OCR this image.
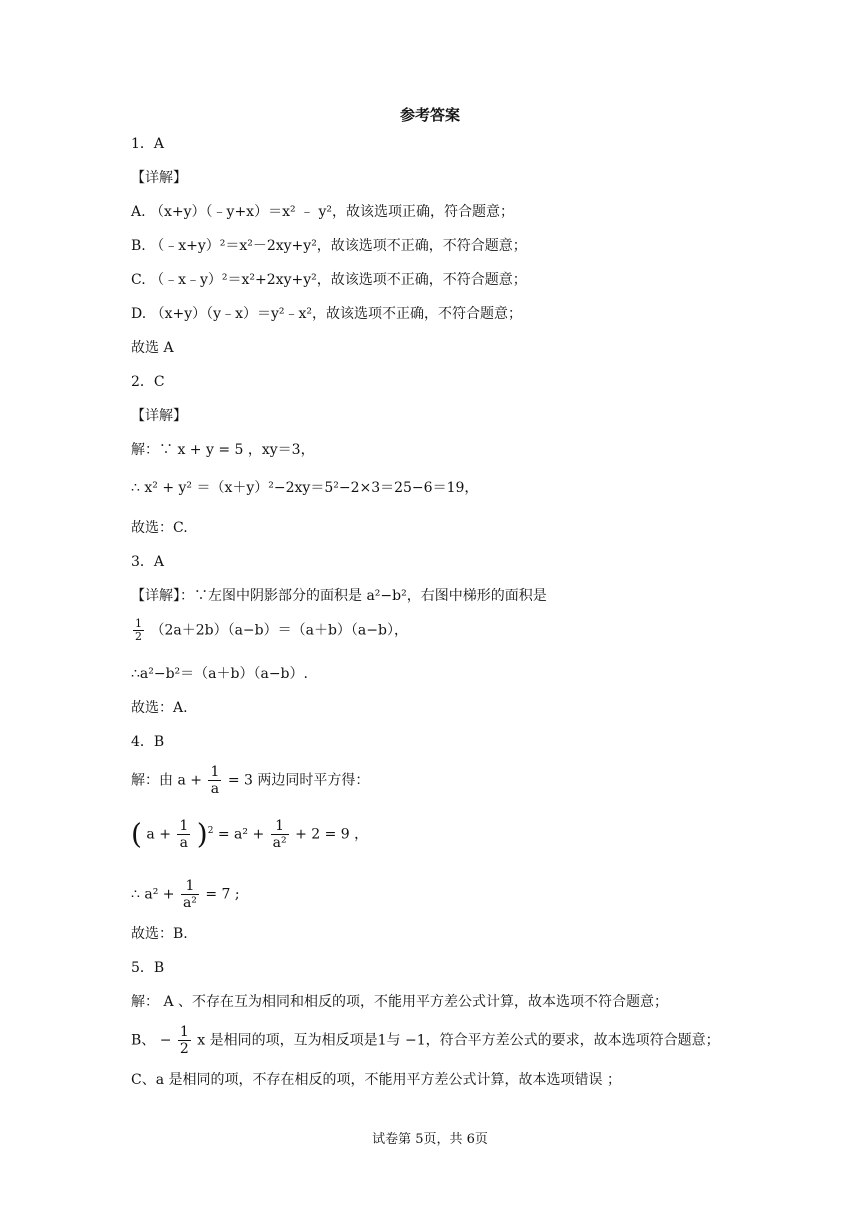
参考答案
1．A
【详解】
A. （x+y）（﹣y+x）＝x² ﹣ y²，故该选项正确，符合题意；
B. （﹣x+y）²＝x²－2xy+y²，故该选项不正确，不符合题意；
C. （﹣x﹣y）²＝x²+2xy+y²，故该选项不正确，不符合题意；
D. （x+y）（y﹣x）＝y²﹣x²，故该选项不正确，不符合题意；
故选 A
2．C
【详解】
解：∵ x + y = 5 ，xy＝3，
∴ x² + y² ＝（x＋y）²−2xy＝5²−2×3＝25−6＝19，
故选：C.
3．A
【详解】：∵左图中阴影部分的面积是 a²−b²，右图中梯形的面积是
$\frac{1}{2} (2a+2b)(a-b)=(a+b)(a-b)$，
∴a²−b²＝（a＋b）（a−b）.
故选：A.
4．B
解：由 $a + \frac{1}{a} = 3$ 两边同时平方得：
( $a + \frac{1}{a} )^2 = a^2 + \frac{1}{\text{a²}} + 2 = 9$ ，
∴ $a^2 + \frac{1}{\text{a²}} = 7$ ;
故选：B.
5．B
解： A 、不存在互为相同和相反的项，不能用平方差公式计算，故本选项不符合题意；
B、 − $\frac{1}{2}$ x 是相同的项，互为相反项是1与 −1，符合平方差公式的要求，故本选项符合题意；
C、a 是相同的项，不存在相反的项，不能用平方差公式计算，故本选项错误 ；
试卷第 5页，共 6页
